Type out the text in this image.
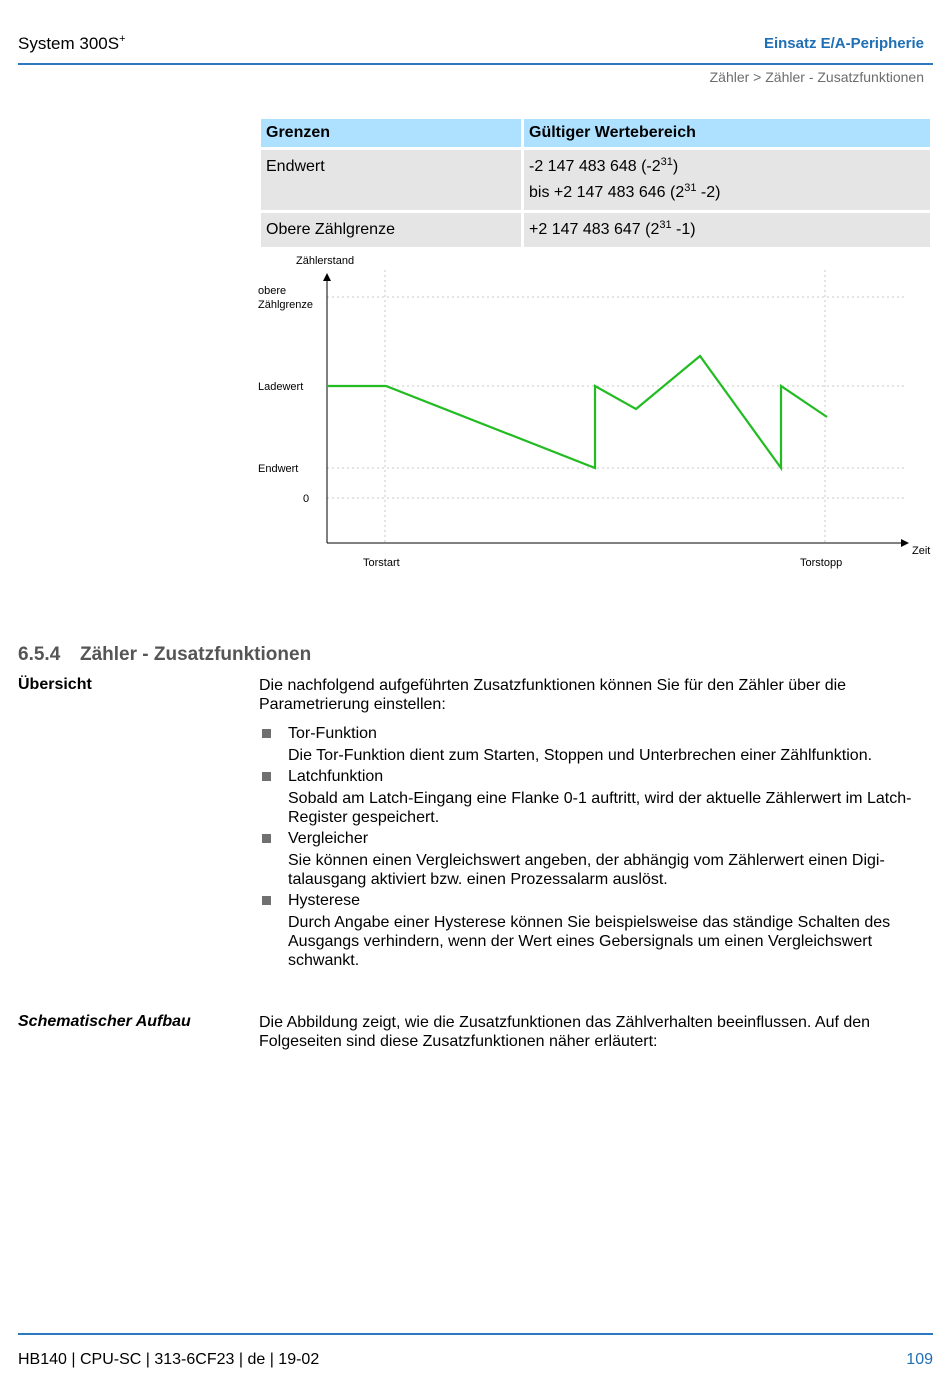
System 300S+	Einsatz E/A-Peripherie
Zähler > Zähler - Zusatzfunktionen
Grenzen	Gültiger Wertebereich
Endwert	-2 147 483 648 $(-2^{31})$
bis +2 147 483 646 ($2^{31}$ -2)

Obere Zählgrenze	+2 147 483 647 ($2^{31}$ -1)
Zählerstand
Zeit
obere
Zählgrenze
Ladewert
Endwert
0
Torstart	Torstopp
6.5.4 Zähler - Zusatzfunktionen
Übersicht	Die nachfolgend aufgeführten Zusatzfunktionen können Sie für den Zähler über die Parametrierung einstellen:
Tor-Funktion
Die Tor-Funktion dient zum Starten, Stoppen und Unterbrechen einer Zählfunktion.
Latchfunktion
Sobald am Latch-Eingang eine Flanke 0-1 auftritt, wird der aktuelle Zählerwert im Latch-Register gespeichert.
Vergleicher
Sie können einen Vergleichswert angeben, der abhängig vom Zählerwert einen Digitalausgang aktiviert bzw. einen Prozessalarm auslöst.
Hysterese
Durch Angabe einer Hysterese können Sie beispielsweise das ständige Schalten des Ausgangs verhindern, wenn der Wert eines Gebersignals um einen Vergleichswert schwankt.
Schematischer Aufbau	Die Abbildung zeigt, wie die Zusatzfunktionen das Zählverhalten beeinflussen. Auf den Folgeseiten sind diese Zusatzfunktionen näher erläutert:
HB140 | CPU-SC | 313-6CF23 | de | 19-02	109
